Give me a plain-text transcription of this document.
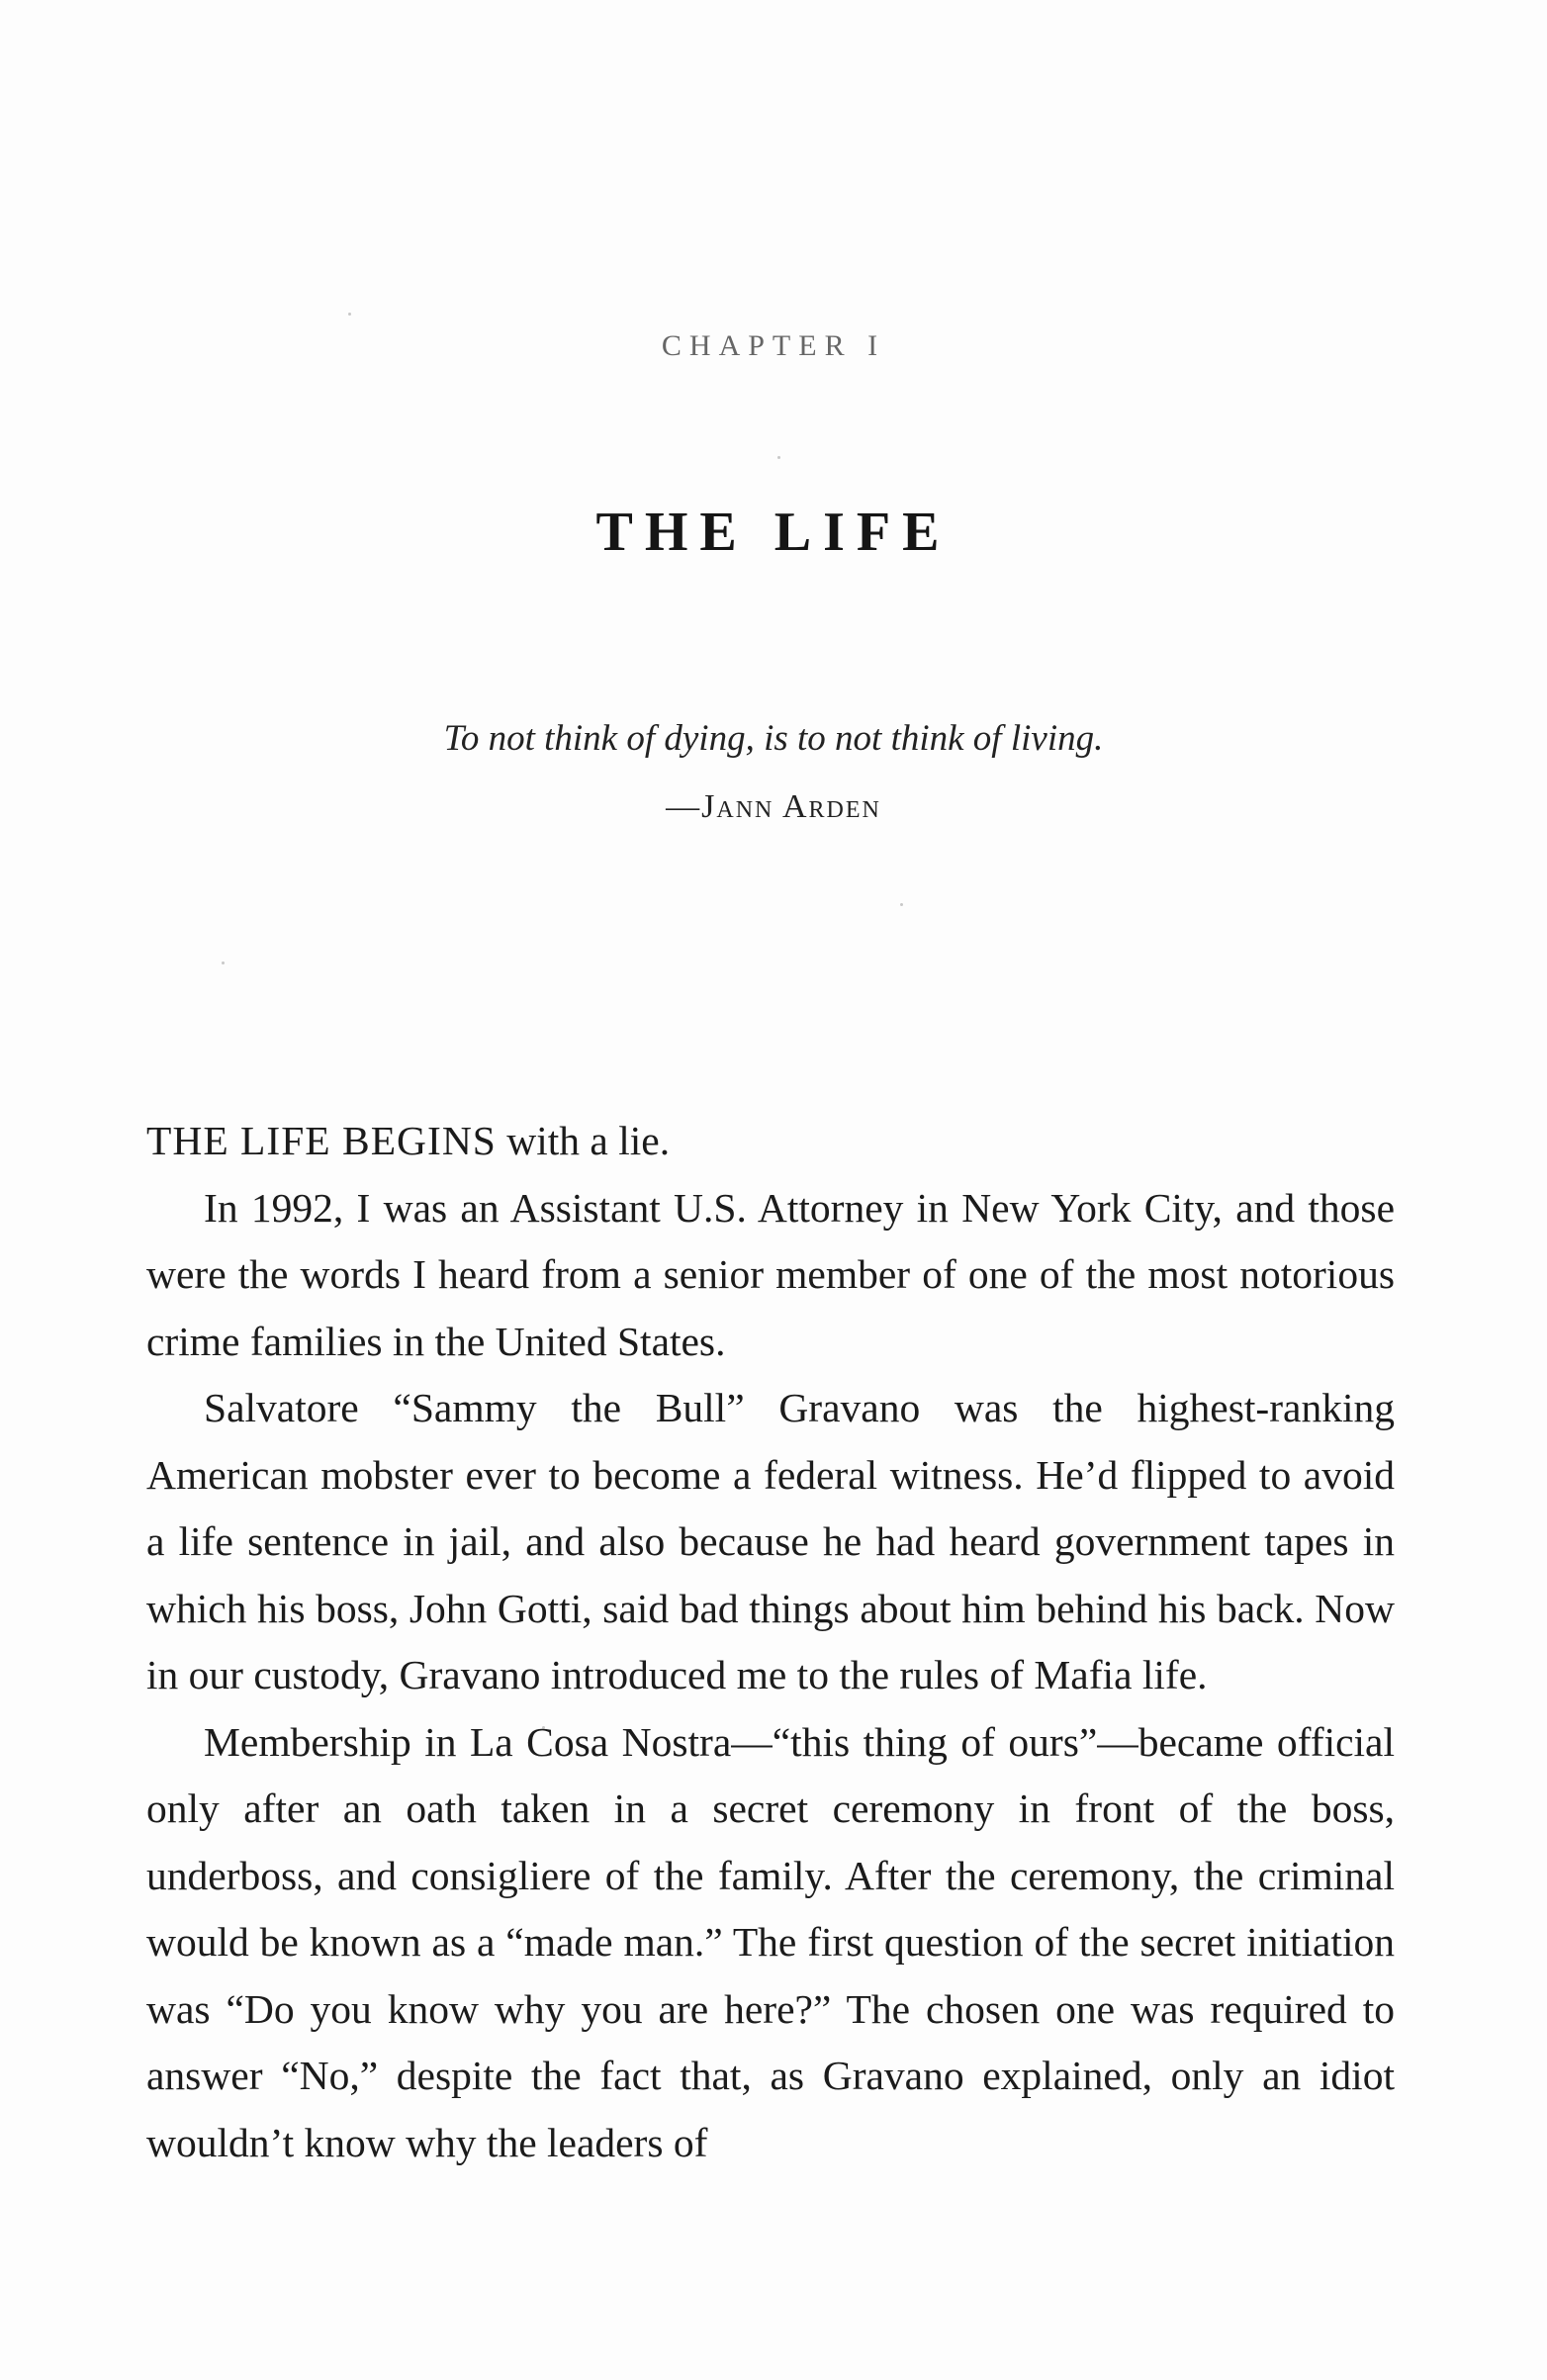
CHAPTER I
THE LIFE
To not think of dying, is to not think of living.
—Jann Arden

THE LIFE BEGINS with a lie.

In 1992, I was an Assistant U.S. Attorney in New York City, and those were the words I heard from a senior member of one of the most notorious crime families in the United States.

Salvatore “Sammy the Bull” Gravano was the highest-ranking American mobster ever to become a federal witness. He’d flipped to avoid a life sentence in jail, and also because he had heard government tapes in which his boss, John Gotti, said bad things about him behind his back. Now in our custody, Gravano introduced me to the rules of Mafia life.

Membership in La Cosa Nostra—“this thing of ours”—became official only after an oath taken in a secret ceremony in front of the boss, underboss, and consigliere of the family. After the ceremony, the criminal would be known as a “made man.” The first question of the secret initiation was “Do you know why you are here?” The chosen one was required to answer “No,” despite the fact that, as Gravano explained, only an idiot wouldn’t know why the leaders of
